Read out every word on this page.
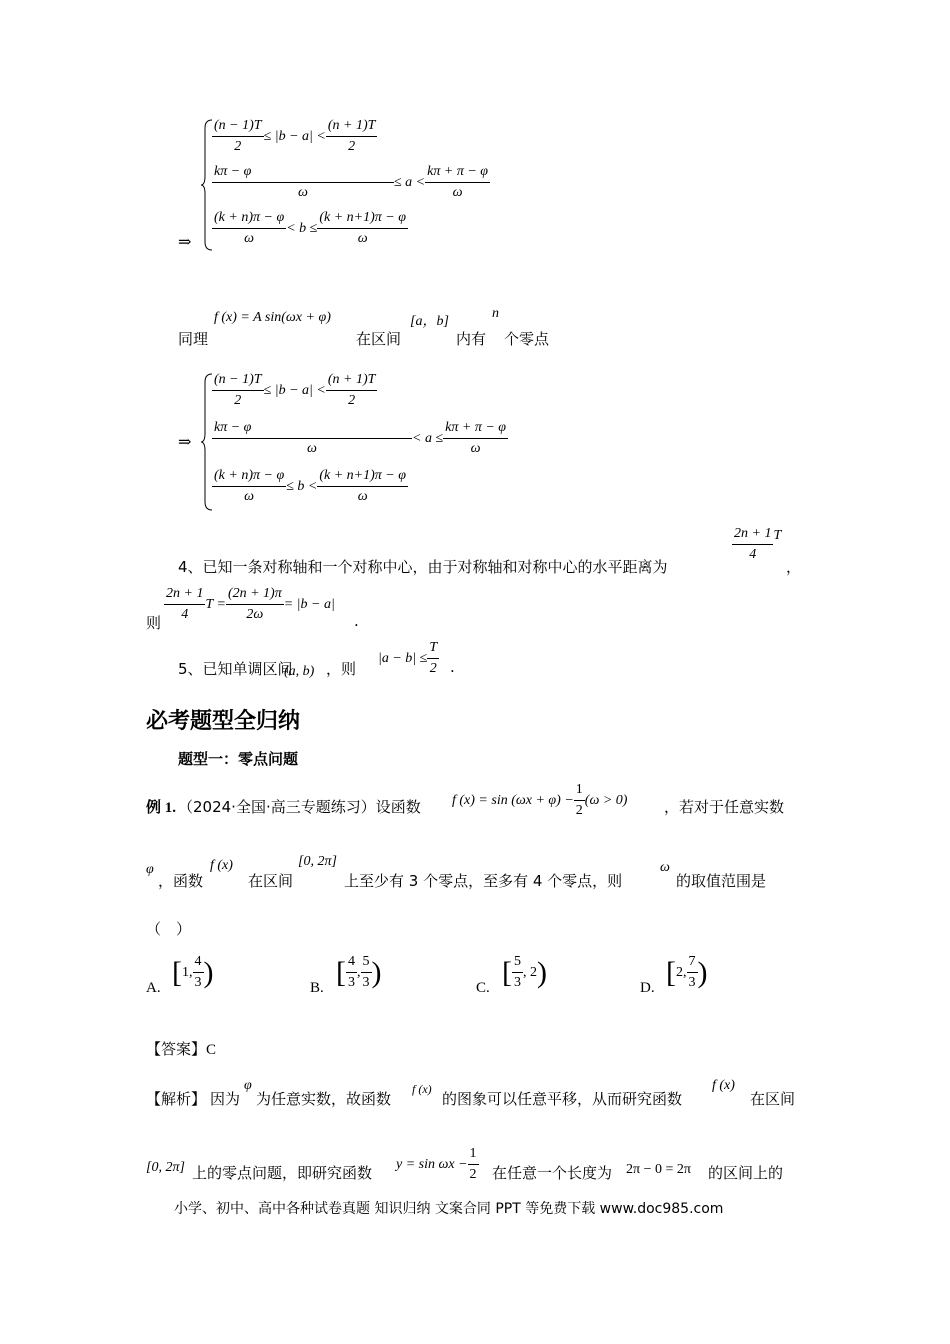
⇒
$\frac{(n - 1)T}{2} \le |b - a| < \frac{(n + 1)T}{2}$
$\frac{k\pi - \varphi}{\omega} \le a < \frac{k\pi + \pi - \varphi}{\omega}$
$\frac{(k + n)\pi - \varphi}{\omega} < b \le \frac{(k + n+1)\pi - \varphi}{\omega}$
同理
f (x) = A sin(ωx + φ)
在区间
[a，b]
内有
n
个零点
⇒
$\frac{(n - 1)T}{2} \le |b - a| < \frac{(n + 1)T}{2}$
$\frac{k\pi - \varphi}{\omega} < a \le \frac{k\pi + \pi - \varphi}{\omega}$
$\frac{(k + n)\pi - \varphi}{\omega} \le b < \frac{(k + n+1)\pi - \varphi}{\omega}$
4、已知一条对称轴和一个对称中心，由于对称轴和对称中心的水平距离为
$\frac{2n + 1}{4}$ T
，
则 $\frac{2n + 1}{4}$ $T = \frac{(2n + 1)\pi}{2\omega} = |b - a|$
.
5、已知单调区间
(a, b) ，则
$|a - b| \le \frac{T}{2}$ .
必考题型全归纳
题型一：零点问题
例 1. （2024·全国·高三专题练习）设函数 f $(x) = \sin (\omega x + \varphi) - \frac{1}{2} (\omega > 0)$ ，若对于任意实数
φ
，函数
f (x)
在区间
[0, 2π]
上至少有 3 个零点，至多有 4 个零点，则
ω
的取值范围是
（　）
A. [ 1, $\frac{4}{3}$ )	B. [ $\frac{4}{3}$ , $\frac{5}{3}$ )	C. [ $\frac{5}{3}$ , 2 )	D. [ 2, $\frac{7}{3}$ )
【答案】C
【解析】 因为
φ
为任意实数，故函数
f (x)
的图象可以任意平移，从而研究函数
f (x)
在区间
[0, 2π] 上的零点问题，即研究函数 $y = \sin \omega x - \frac{1}{2}$ 在任意一个长度为 2π − 0 = 2π 的区间上的
小学、初中、高中各种试卷真题 知识归纳 文案合同 PPT 等免费下载 www.doc985.com
